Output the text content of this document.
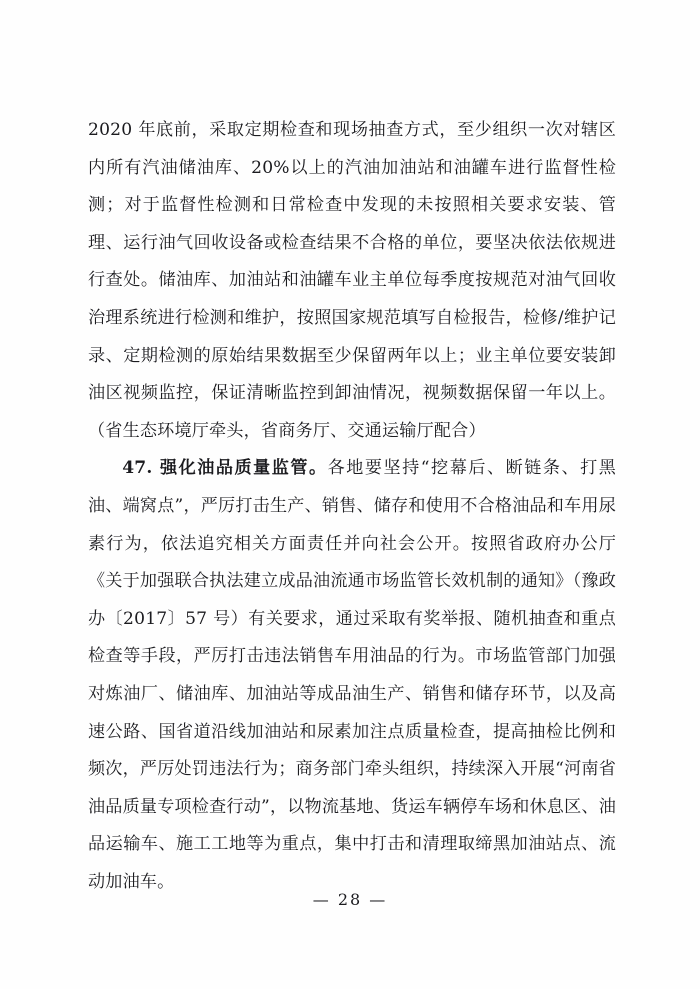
2020 年底前，采取定期检查和现场抽查方式，至少组织一次对辖区内所有汽油储油库、20%以上的汽油加油站和油罐车进行监督性检测；对于监督性检测和日常检查中发现的未按照相关要求安装、管理、运行油气回收设备或检查结果不合格的单位，要坚决依法依规进行查处。储油库、加油站和油罐车业主单位每季度按规范对油气回收治理系统进行检测和维护，按照国家规范填写自检报告，检修/维护记录、定期检测的原始结果数据至少保留两年以上；业主单位要安装卸油区视频监控，保证清晰监控到卸油情况，视频数据保留一年以上。（省生态环境厅牵头，省商务厅、交通运输厅配合）

47. 强化油品质量监管。各地要坚持“挖幕后、断链条、打黑油、端窝点”，严厉打击生产、销售、储存和使用不合格油品和车用尿素行为，依法追究相关方面责任并向社会公开。按照省政府办公厅《关于加强联合执法建立成品油流通市场监管长效机制的通知》（豫政办〔2017〕57 号）有关要求，通过采取有奖举报、随机抽查和重点检查等手段，严厉打击违法销售车用油品的行为。市场监管部门加强对炼油厂、储油库、加油站等成品油生产、销售和储存环节，以及高速公路、国省道沿线加油站和尿素加注点质量检查，提高抽检比例和频次，严厉处罚违法行为；商务部门牵头组织，持续深入开展“河南省油品质量专项检查行动”，以物流基地、货运车辆停车场和休息区、油品运输车、施工工地等为重点，集中打击和清理取缔黑加油站点、流动加油车。

— 28 —
